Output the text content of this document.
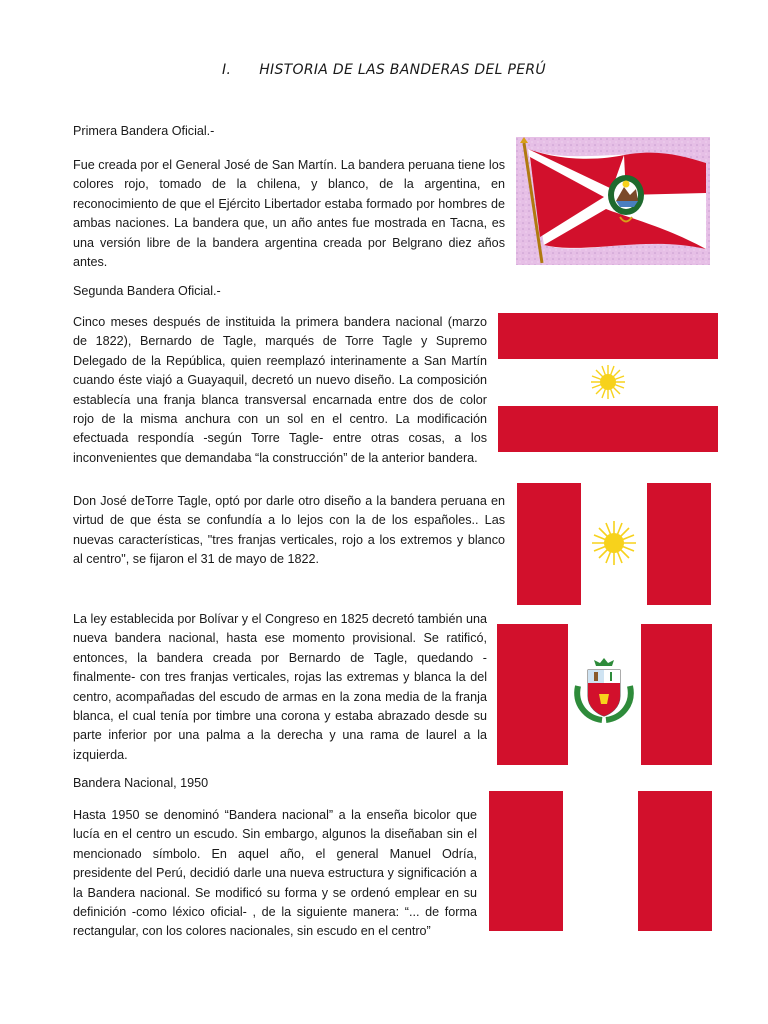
I. HISTORIA DE LAS BANDERAS DEL PERÚ

Primera Bandera Oficial.-

Fue creada por el General José de San Martín. La bandera peruana tiene los colores rojo, tomado de la chilena, y blanco, de la argentina, en reconocimiento de que el Ejército Libertador estaba formado por hombres de ambas naciones. La bandera que, un año antes fue mostrada en Tacna, es una versión libre de la bandera argentina creada por Belgrano diez años antes.

Segunda Bandera Oficial.-

Cinco meses después de instituida la primera bandera nacional (marzo de 1822), Bernardo de Tagle, marqués de Torre Tagle y Supremo Delegado de la República, quien reemplazó interinamente a San Martín cuando éste viajó a Guayaquil, decretó un nuevo diseño. La composición establecía una franja blanca transversal encarnada entre dos de color rojo de la misma anchura con un sol en el centro. La modificación efectuada respondía -según Torre Tagle- entre otras cosas, a los inconvenientes que demandaba “la construcción” de la anterior bandera.

Don José deTorre Tagle, optó por darle otro diseño a la bandera peruana en virtud de que ésta se confundía a lo lejos con la de los españoles.. Las nuevas características, "tres franjas verticales, rojo a los extremos y blanco al centro", se fijaron el 31 de mayo de 1822.

La ley establecida por Bolívar y el Congreso en 1825 decretó también una nueva bandera nacional, hasta ese momento provisional. Se ratificó, entonces, la bandera creada por Bernardo de Tagle, quedando -finalmente- con tres franjas verticales, rojas las extremas y blanca la del centro, acompañadas del escudo de armas en la zona media de la franja blanca, el cual tenía por timbre una corona y estaba abrazado desde su parte inferior por una palma a la derecha y una rama de laurel a la izquierda.

Bandera Nacional, 1950

Hasta 1950 se denominó “Bandera nacional” a la enseña bicolor que lucía en el centro un escudo. Sin embargo, algunos la diseñaban sin el mencionado símbolo. En aquel año, el general Manuel Odría, presidente del Perú, decidió darle una nueva estructura y significación a la Bandera nacional. Se modificó su forma y se ordenó emplear en su definición -como léxico oficial- , de la siguiente manera: “... de forma rectangular, con los colores nacionales, sin escudo en el centro”
